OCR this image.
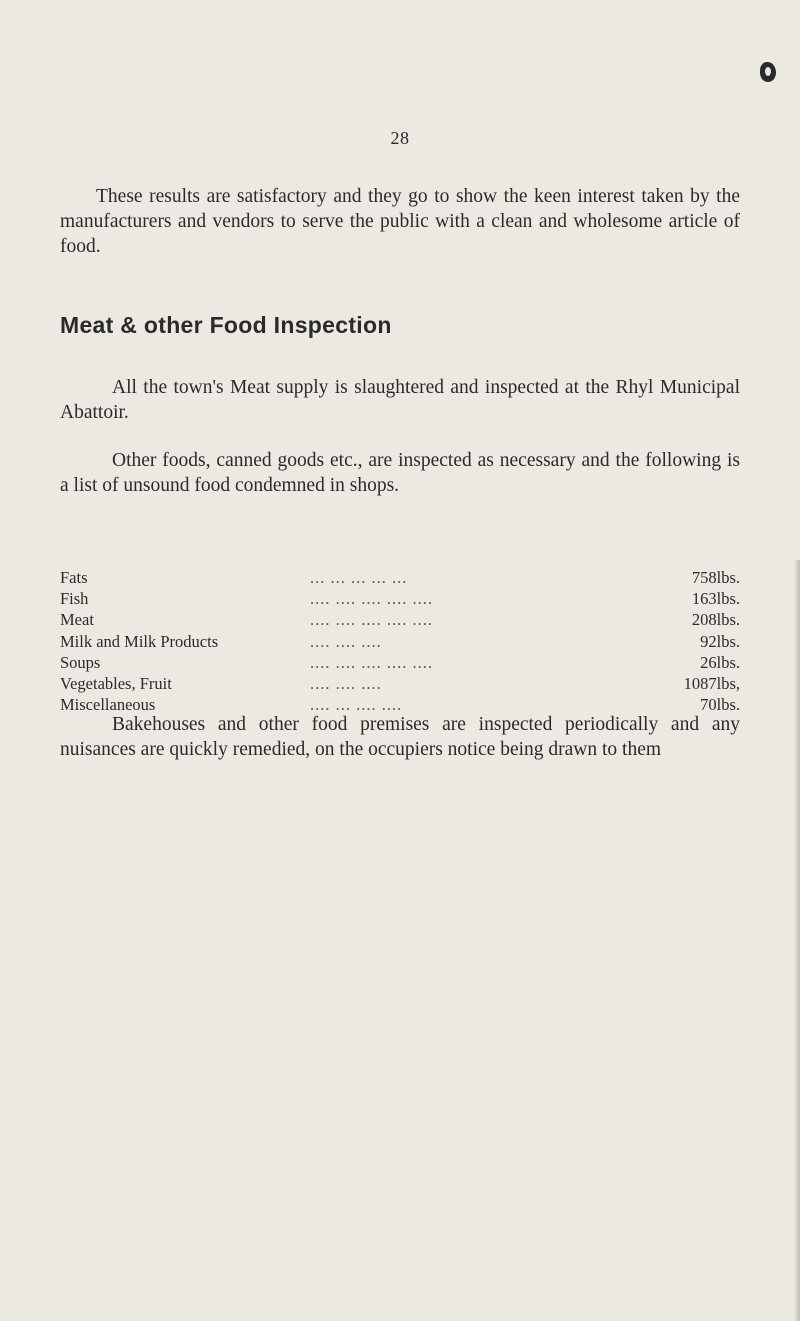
28

These results are satisfactory and they go to show the keen interest taken by the manufacturers and vendors to serve the public with a clean and wholesome article of food.

Meat & other Food Inspection

All the town's Meat supply is slaughtered and inspected at the Rhyl Municipal Abattoir.

Other foods, canned goods etc., are inspected as necessary and the following is a list of unsound food condemned in shops.

Fats	... ... ... ... ...	758lbs.
Fish	.... .... .... .... ....	163lbs.
Meat	.... .... .... .... ....	208lbs.
Milk and Milk Products	.... .... ....	92lbs.
Soups	.... .... .... .... ....	26lbs.
Vegetables, Fruit	.... .... ....	1087lbs,
Miscellaneous	.... ... .... ....	70lbs.

Bakehouses and other food premises are inspected periodically and any nuisances are quickly remedied, on the occupiers notice being drawn to them
